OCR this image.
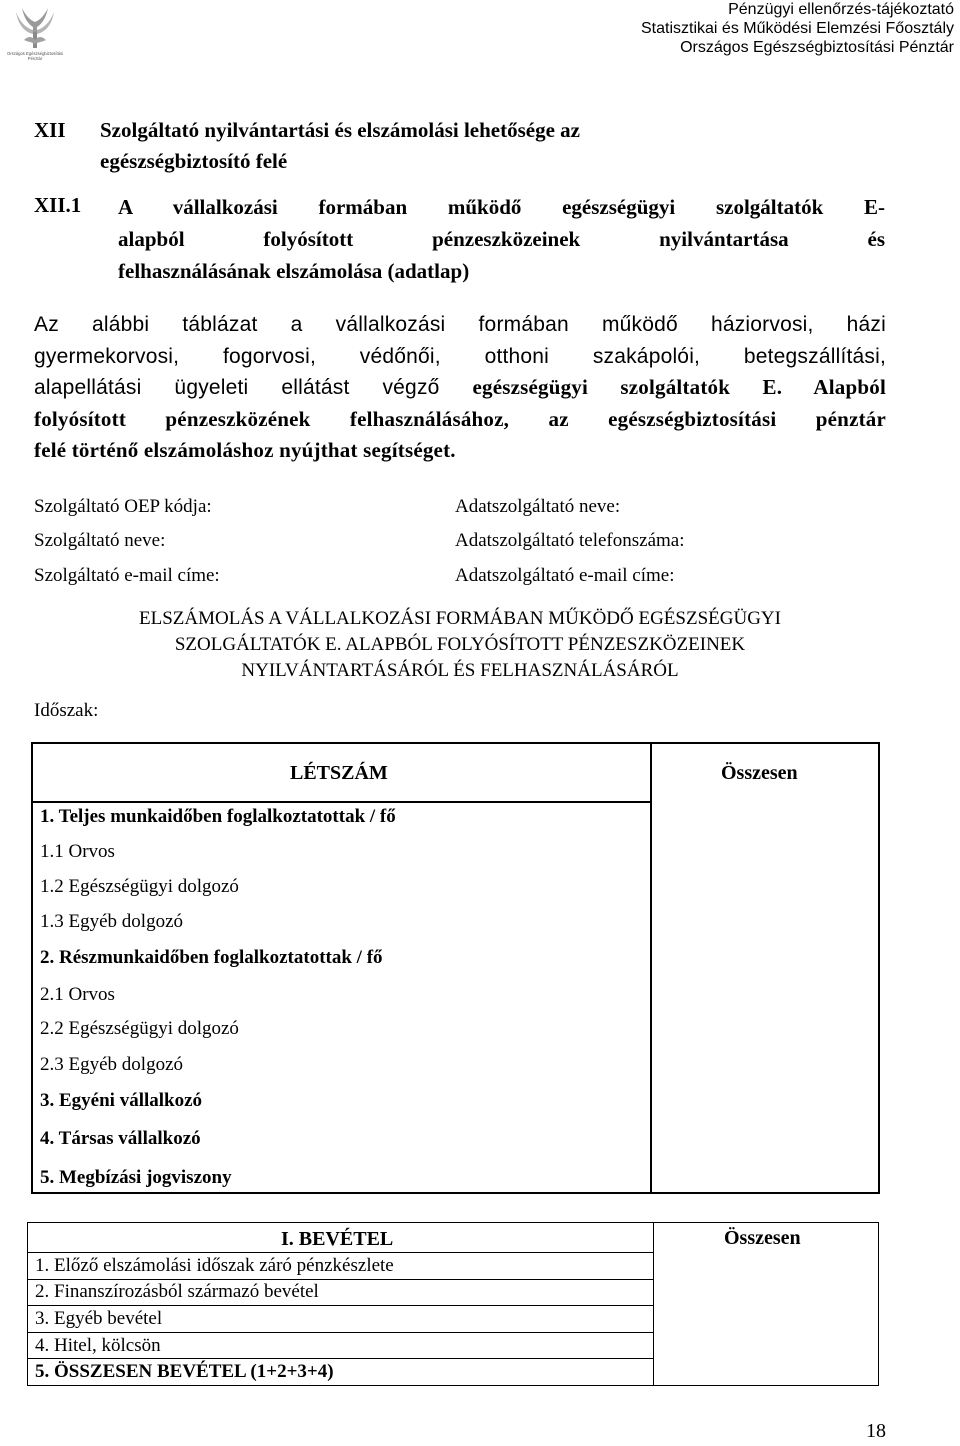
Országos Egészségbiztosítási
Pénztár
Pénzügyi ellenőrzés-tájékoztató
Statisztikai és Működési Elemzési Főosztály
Országos Egészségbiztosítási Pénztár
XII Szolgáltató nyilvántartási és elszámolási lehetősége az
egészségbiztosító felé
XII.1 A vállalkozási formában működő egészségügyi szolgáltatók E-
alapból folyósított pénzeszközeinek nyilvántartása és
felhasználásának elszámolása (adatlap)

Az alábbi táblázat a vállalkozási formában működő háziorvosi, házi

gyermekorvosi, fogorvosi, védőnői, otthoni szakápolói, betegszállítási,

alapellátási ügyeleti ellátást végző egészségügyi szolgáltatók E. Alapból

folyósított pénzeszközének felhasználásához, az egészségbiztosítási pénztár

felé történő elszámoláshoz nyújthat segítséget.

Szolgáltató OEP kódja:
Szolgáltató neve:
Szolgáltató e-mail címe:
Adatszolgáltató neve:
Adatszolgáltató telefonszáma:
Adatszolgáltató e-mail címe:
ELSZÁMOLÁS A VÁLLALKOZÁSI FORMÁBAN MŰKÖDŐ EGÉSZSÉGÜGYI
SZOLGÁLTATÓK E. ALAPBÓL FOLYÓSÍTOTT PÉNZESZKÖZEINEK
NYILVÁNTARTÁSÁRÓL ÉS FELHASZNÁLÁSÁRÓL
Időszak:
LÉTSZÁM	Összesen
1. Teljes munkaidőben foglalkoztatottak / fő
1.1 Orvos
1.2 Egészségügyi dolgozó
1.3 Egyéb dolgozó
2. Részmunkaidőben foglalkoztatottak / fő
2.1 Orvos
2.2 Egészségügyi dolgozó
2.3 Egyéb dolgozó
3. Egyéni vállalkozó
4. Társas vállalkozó
5. Megbízási jogviszony
I. BEVÉTEL	Összesen
1. Előző elszámolási időszak záró pénzkészlete
2. Finanszírozásból származó bevétel
3. Egyéb bevétel
4. Hitel, kölcsön
5. ÖSSZESEN BEVÉTEL (1+2+3+4)
18
